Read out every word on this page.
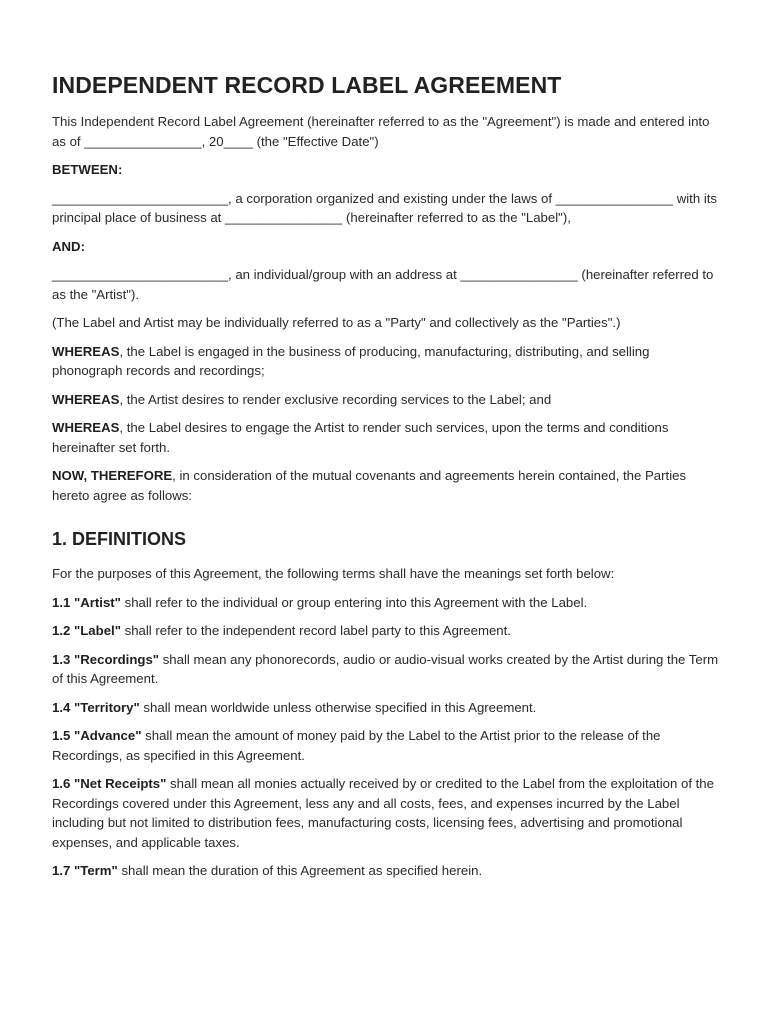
INDEPENDENT RECORD LABEL AGREEMENT

This Independent Record Label Agreement (hereinafter referred to as the "Agreement") is made and entered into as of ________________, 20____ (the "Effective Date")

BETWEEN:

________________________, a corporation organized and existing under the laws of ________________ with its principal place of business at ________________ (hereinafter referred to as the "Label"),

AND:

________________________, an individual/group with an address at ________________ (hereinafter referred to as the "Artist").

(The Label and Artist may be individually referred to as a "Party" and collectively as the "Parties".)

WHEREAS, the Label is engaged in the business of producing, manufacturing, distributing, and selling phonograph records and recordings;

WHEREAS, the Artist desires to render exclusive recording services to the Label; and

WHEREAS, the Label desires to engage the Artist to render such services, upon the terms and conditions hereinafter set forth.

NOW, THEREFORE, in consideration of the mutual covenants and agreements herein contained, the Parties hereto agree as follows:

1. DEFINITIONS

For the purposes of this Agreement, the following terms shall have the meanings set forth below:

1.1 "Artist" shall refer to the individual or group entering into this Agreement with the Label.

1.2 "Label" shall refer to the independent record label party to this Agreement.

1.3 "Recordings" shall mean any phonorecords, audio or audio-visual works created by the Artist during the Term of this Agreement.

1.4 "Territory" shall mean worldwide unless otherwise specified in this Agreement.

1.5 "Advance" shall mean the amount of money paid by the Label to the Artist prior to the release of the Recordings, as specified in this Agreement.

1.6 "Net Receipts" shall mean all monies actually received by or credited to the Label from the exploitation of the Recordings covered under this Agreement, less any and all costs, fees, and expenses incurred by the Label including but not limited to distribution fees, manufacturing costs, licensing fees, advertising and promotional expenses, and applicable taxes.

1.7 "Term" shall mean the duration of this Agreement as specified herein.
